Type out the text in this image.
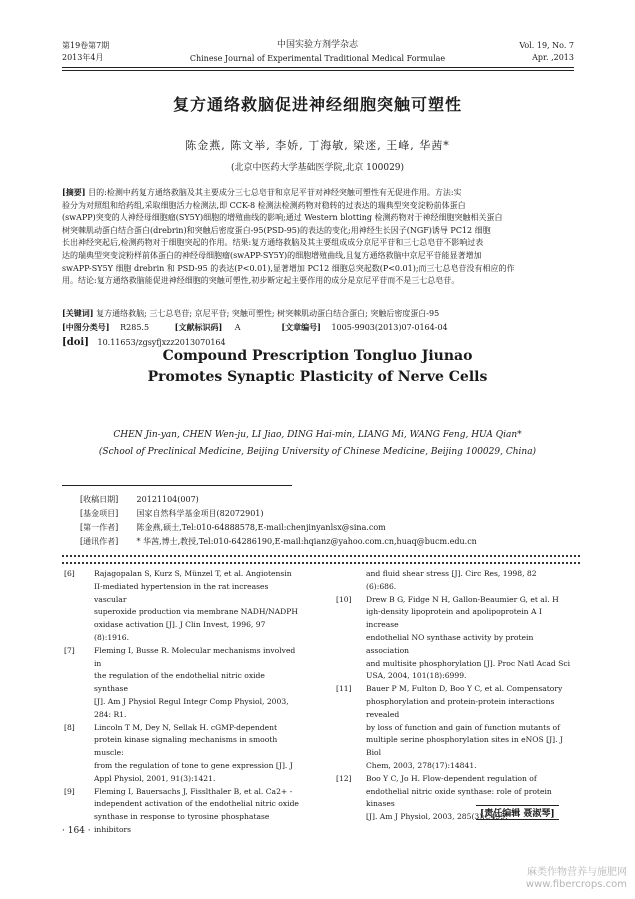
第19卷第7期
2013年4月
中国实验方剂学杂志
Chinese Journal of Experimental Traditional Medical Formulae
Vol. 19, No. 7
Apr. ,2013
复方通络救脑促进神经细胞突触可塑性
陈金燕, 陈文举, 李娇, 丁海敏, 梁迷, 王峰, 华茜*
(北京中医药大学基础医学院,北京 100029)

[摘要] 目的:检测中药复方通络救脑及其主要成分三七总皂苷和京尼平苷对神经突触可塑性有无促进作用。方法:实

验分为对照组和给药组,采取细胞活力检测法,即 CCK-8 检测法检测药物对稳转的过表达的瑞典型突变淀粉前体蛋白

(swAPP)突变的人神经母细胞瘤(SY5Y)细胞的增殖曲线的影响;通过 Western blotting 检测药物对于神经细胞突触相关蛋白

树突棘肌动蛋白结合蛋白(drebrin)和突触后密度蛋白-95(PSD-95)的表达的变化;用神经生长因子(NGF)诱导 PC12 细胞

长出神经突起后,检测药物对于细胞突起的作用。结果:复方通络救脑及其主要组成成分京尼平苷和三七总皂苷不影响过表

达的瑞典型突变淀粉样前体蛋白的神经母细胞瘤(swAPP-SY5Y)的细胞增殖曲线,且复方通络救脑中京尼平苷能显著增加

swAPP-SY5Y 细胞 drebrin 和 PSD-95 的表达(P<0.01),显著增加 PC12 细胞总突起数(P<0.01);而三七总皂苷没有相应的作

用。结论:复方通络救脑能促进神经细胞的突触可塑性,初步断定起主要作用的成分是京尼平苷而不是三七总皂苷。

[关键词] 复方通络救脑; 三七总皂苷; 京尼平苷; 突触可塑性; 树突棘肌动蛋白结合蛋白; 突触后密度蛋白-95
[中图分类号] R285.5	[文献标识码] A	[文章编号] 1005-9903(2013)07-0164-04
[doi] 10.11653/zgsyfjxzz2013070164
Compound Prescription Tongluo Jiunao
Promotes Synaptic Plasticity of Nerve Cells
CHEN Jin-yan, CHEN Wen-ju, LI Jiao, DING Hai-min, LIANG Mi, WANG Feng, HUA Qian*
(School of Preclinical Medicine, Beijing University of Chinese Medicine, Beijing 100029, China)
[收稿日期] 20121104(007)
[基金项目] 国家自然科学基金项目(82072901)
[第一作者] 陈金燕,硕士,Tel:010-64888578,E-mail:chenjinyanlsx@sina.com
[通讯作者] * 华茜,博士,教授,Tel:010-64286190,E-mail:hqianz@yahoo.com.cn,huaq@bucm.edu.cn
[6]	Rajagopalan S, Kurz S, Münzel T, et al. Angiotensin
II-mediated hypertension in the rat increases vascular
superoxide production via membrane NADH/NADPH
oxidase activation [J]. J Clin Invest, 1996, 97
(8):1916.
[7]	Fleming I, Busse R. Molecular mechanisms involved in
the regulation of the endothelial nitric oxide synthase
[J]. Am J Physiol Regul Integr Comp Physiol, 2003,
284: R1.
[8]	Lincoln T M, Dey N, Sellak H. cGMP-dependent
protein kinase signaling mechanisms in smooth muscle:
from the regulation of tone to gene expression [J]. J
Appl Physiol, 2001, 91(3):1421.
[9]	Fleming I, Bauersachs J, Fisslthaler B, et al. Ca2+ -
independent activation of the endothelial nitric oxide
synthase in response to tyrosine phosphatase inhibitors
and fluid shear stress [J]. Circ Res, 1998, 82
(6):686.
[10] Drew B G, Fidge N H, Gallon-Beaumier G, et al. H
igh-density lipoprotein and apolipoprotein A I increase
endothelial NO synthase activity by protein association
and multisite phosphorylation [J]. Proc Natl Acad Sci
USA, 2004, 101(18):6999.
[11] Bauer P M, Fulton D, Boo Y C, et al. Compensatory
phosphorylation and protein-protein interactions revealed
by loss of function and gain of function mutants of
multiple serine phosphorylation sites in eNOS [J]. J Biol
Chem, 2003, 278(17):14841.
[12] Boo Y C, Jo H. Flow-dependent regulation of
endothelial nitric oxide synthase: role of protein kinases
[J]. Am J Physiol, 2003, 285(3):C499.
[责任编辑 聂淑琴]
· 164 ·
麻类作物营养与施肥网
www.fibercrops.com
